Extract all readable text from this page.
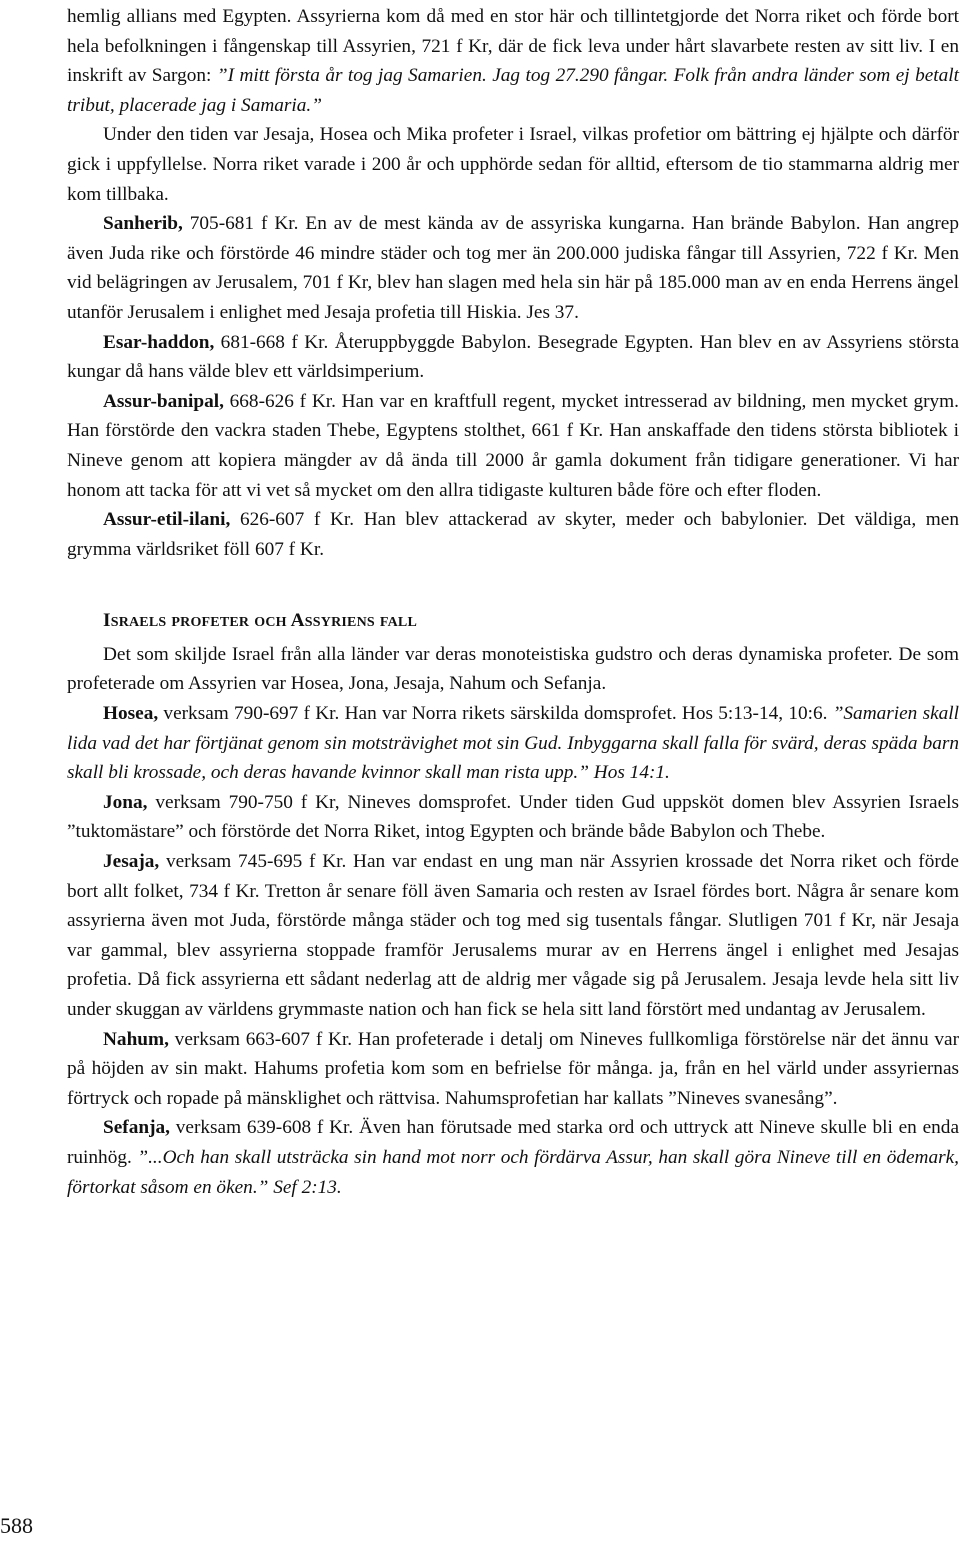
hemlig allians med Egypten. Assyrierna kom då med en stor här och tillintetgjorde det Norra riket och förde bort hela befolkningen i fångenskap till Assyrien, 721 f Kr, där de fick leva under hårt slavarbete resten av sitt liv. I en inskrift av Sargon: ”I mitt första år tog jag Samarien. Jag tog 27.290 fångar. Folk från andra länder som ej betalt tribut, placerade jag i Samaria.”

Under den tiden var Jesaja, Hosea och Mika profeter i Israel, vilkas profetior om bättring ej hjälpte och därför gick i uppfyllelse. Norra riket varade i 200 år och upphörde sedan för alltid, eftersom de tio stammarna aldrig mer kom tillbaka.

Sanherib, 705-681 f Kr. En av de mest kända av de assyriska kungarna. Han brände Babylon. Han angrep även Juda rike och förstörde 46 mindre städer och tog mer än 200.000 judiska fångar till Assyrien, 722 f Kr. Men vid belägringen av Jerusalem, 701 f Kr, blev han slagen med hela sin här på 185.000 man av en enda Herrens ängel utanför Jerusalem i enlighet med Jesaja profetia till Hiskia. Jes 37.

Esar-haddon, 681-668 f Kr. Återuppbyggde Babylon. Besegrade Egypten. Han blev en av Assyriens största kungar då hans välde blev ett världsimperium.

Assur-banipal, 668-626 f Kr. Han var en kraftfull regent, mycket intresserad av bildning, men mycket grym. Han förstörde den vackra staden Thebe, Egyptens stolthet, 661 f Kr. Han anskaffade den tidens största bibliotek i Nineve genom att kopiera mängder av då ända till 2000 år gamla dokument från tidigare generationer. Vi har honom att tacka för att vi vet så mycket om den allra tidigaste kulturen både före och efter floden.

Assur-etil-ilani, 626-607 f Kr. Han blev attackerad av skyter, meder och babylonier. Det väldiga, men grymma världsriket föll 607 f Kr.

Israels profeter och Assyriens fall

Det som skiljde Israel från alla länder var deras monoteistiska gudstro och deras dynamiska profeter. De som profeterade om Assyrien var Hosea, Jona, Jesaja, Nahum och Sefanja.

Hosea, verksam 790-697 f Kr. Han var Norra rikets särskilda domsprofet. Hos 5:13-14, 10:6. ”Samarien skall lida vad det har förtjänat genom sin motsträvighet mot sin Gud. Inbyggarna skall falla för svärd, deras späda barn skall bli krossade, och deras havande kvinnor skall man rista upp.” Hos 14:1.

Jona, verksam 790-750 f Kr, Nineves domsprofet. Under tiden Gud uppsköt domen blev Assyrien Israels ”tuktomästare” och förstörde det Norra Riket, intog Egypten och brände både Babylon och Thebe.

Jesaja, verksam 745-695 f Kr. Han var endast en ung man när Assyrien krossade det Norra riket och förde bort allt folket, 734 f Kr. Tretton år senare föll även Samaria och resten av Israel fördes bort. Några år senare kom assyrierna även mot Juda, förstörde många städer och tog med sig tusentals fångar. Slutligen 701 f Kr, när Jesaja var gammal, blev assyrierna stoppade framför Jerusalems murar av en Herrens ängel i enlighet med Jesajas profetia. Då fick assyrierna ett sådant nederlag att de aldrig mer vågade sig på Jerusalem. Jesaja levde hela sitt liv under skuggan av världens grymmaste nation och han fick se hela sitt land förstört med undantag av Jerusalem.

Nahum, verksam 663-607 f Kr. Han profeterade i detalj om Nineves fullkomliga förstörelse när det ännu var på höjden av sin makt. Hahums profetia kom som en befrielse för många. ja, från en hel värld under assyriernas förtryck och ropade på mänsklighet och rättvisa. Nahumsprofetian har kallats ”Nineves svanesång”.

Sefanja, verksam 639-608 f Kr. Även han förutsade med starka ord och uttryck att Nineve skulle bli en enda ruinhög. ”...Och han skall utsträcka sin hand mot norr och fördärva Assur, han skall göra Nineve till en ödemark, förtorkat såsom en öken.” Sef 2:13.

588
